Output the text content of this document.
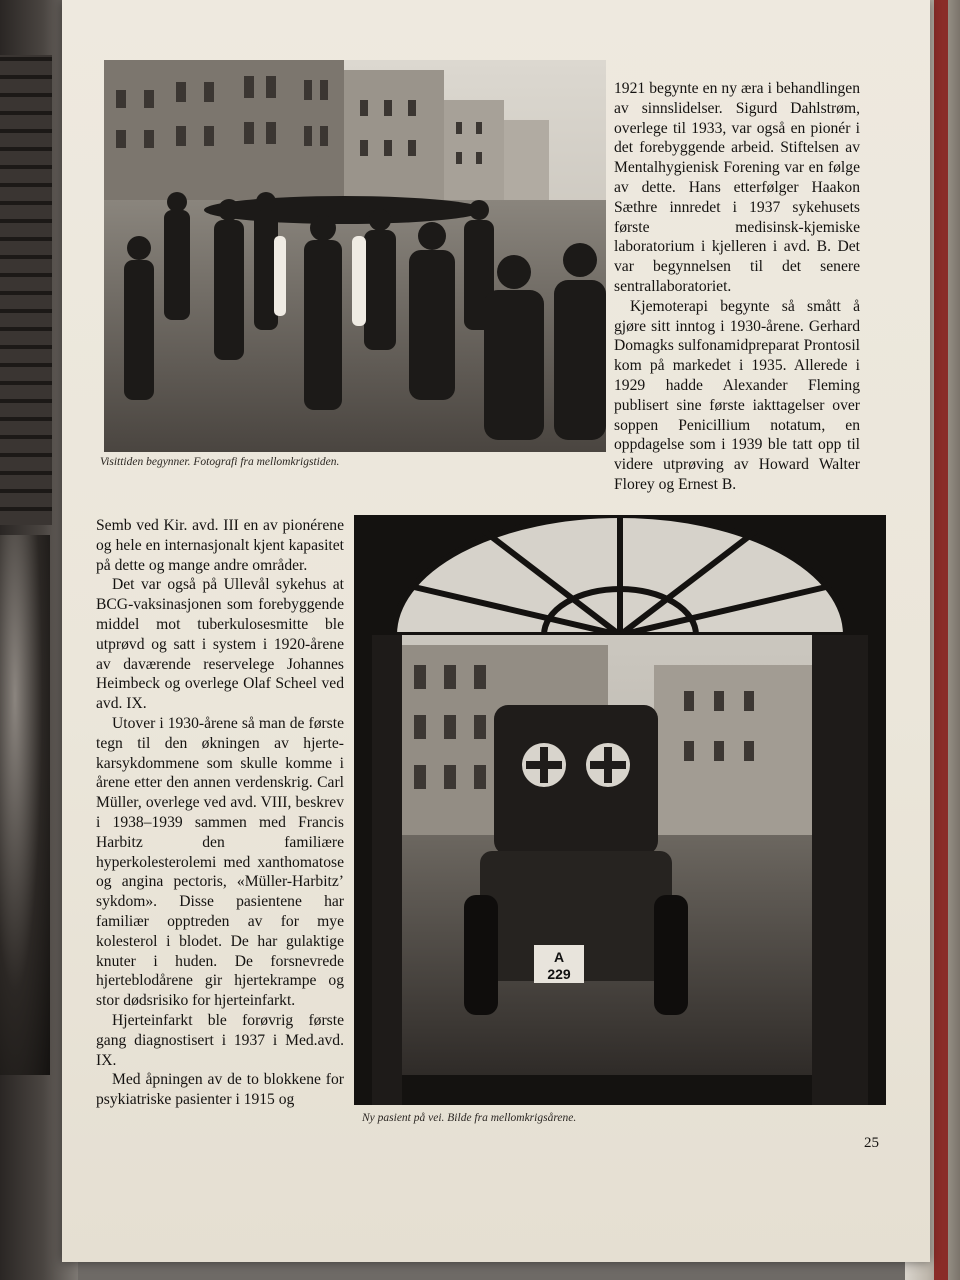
Visittiden begynner. Fotografi fra mellomkrigstiden.

1921 begynte en ny æra i behandlingen av sinnslidelser. Sigurd Dahlstrøm, overlege til 1933, var også en pionér i det forebyggende arbeid. Stiftelsen av Mentalhygienisk Forening var en følge av dette. Hans etterfølger Haakon Sæthre innredet i 1937 sykehusets første medisinsk-kjemiske laboratorium i kjelleren i avd. B. Det var begynnelsen til det senere sentrallaboratoriet.

Kjemoterapi begynte så smått å gjøre sitt inntog i 1930-årene. Gerhard Domagks sulfonamidpreparat Prontosil kom på markedet i 1935. Allerede i 1929 hadde Alexander Fleming publisert sine første iakttagelser over soppen Penicillium notatum, en oppdagelse som i 1939 ble tatt opp til videre utprøving av Howard Walter Florey og Ernest B.

Semb ved Kir. avd. III en av pionérene og hele en internasjonalt kjent kapasitet på dette og mange andre områder.

Det var også på Ullevål sykehus at BCG-vaksinasjonen som forebyggende middel mot tuberkulosesmitte ble utprøvd og satt i system i 1920-årene av daværende reservelege Johannes Heimbeck og overlege Olaf Scheel ved avd. IX.

Utover i 1930-årene så man de første tegn til den økningen av hjerte-karsykdommene som skulle komme i årene etter den annen verdenskrig. Carl Müller, overlege ved avd. VIII, beskrev i 1938–1939 sammen med Francis Harbitz den familiære hyperkolesterolemi med xanthomatose og angina pectoris, «Müller-Harbitz’ sykdom». Disse pasientene har familiær opptreden av for mye kolesterol i blodet. De har gulaktige knuter i huden. De forsnevrede hjerteblodårene gir hjertekrampe og stor dødsrisiko for hjerteinfarkt.

Hjerteinfarkt ble forøvrig første gang diagnostisert i 1937 i Med.avd. IX.

Med åpningen av de to blokkene for psykiatriske pasienter i 1915 og

A
229
Ny pasient på vei. Bilde fra mellomkrigsårene.
25
